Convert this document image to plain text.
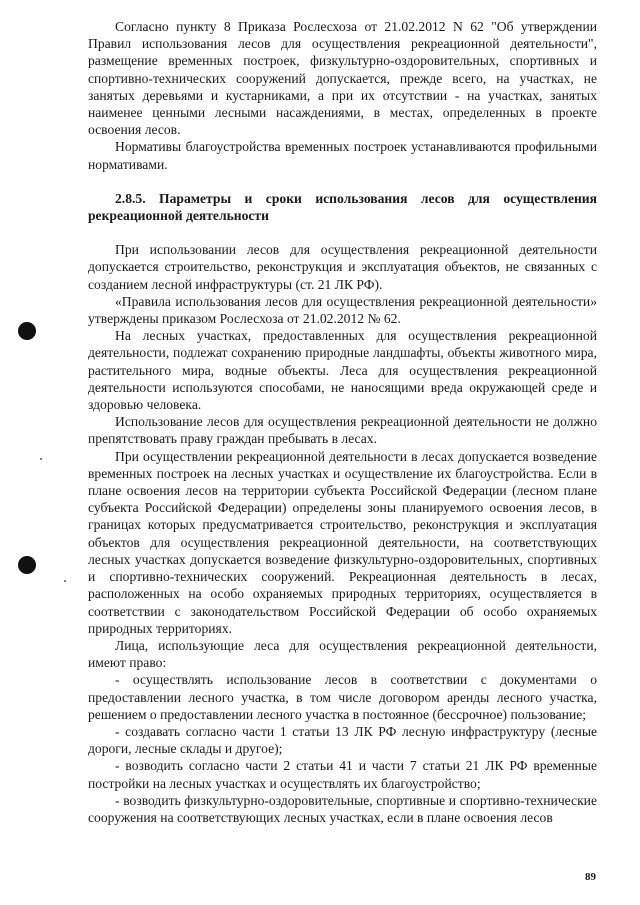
Согласно пункту 8 Приказа Рослесхоза от 21.02.2012 N 62 "Об утверждении Правил использования лесов для осуществления рекреационной деятельности", размещение временных построек, физкультурно-оздоровительных, спортивных и спортивно-технических сооружений допускается, прежде всего, на участках, не занятых деревьями и кустарниками, а при их отсутствии - на участках, занятых наименее ценными лесными насаждениями, в местах, определенных в проекте освоения лесов.

Нормативы благоустройства временных построек устанавливаются профильными нормативами.

2.8.5. Параметры и сроки использования лесов для осуществления рекреационной деятельности

При использовании лесов для осуществления рекреационной деятельности допускается строительство, реконструкция и эксплуатация объектов, не связанных с созданием лесной инфраструктуры (ст. 21 ЛК РФ).

«Правила использования лесов для осуществления рекреационной деятельности» утверждены приказом Рослесхоза от 21.02.2012 № 62.

На лесных участках, предоставленных для осуществления рекреационной деятельности, подлежат сохранению природные ландшафты, объекты животного мира, растительного мира, водные объекты. Леса для осуществления рекреационной деятельности используются способами, не наносящими вреда окружающей среде и здоровью человека.

Использование лесов для осуществления рекреационной деятельности не должно препятствовать праву граждан пребывать в лесах.

При осуществлении рекреационной деятельности в лесах допускается возведение временных построек на лесных участках и осуществление их благоустройства. Если в плане освоения лесов на территории субъекта Российской Федерации (лесном плане субъекта Российской Федерации) определены зоны планируемого освоения лесов, в границах которых предусматривается строительство, реконструкция и эксплуатация объектов для осуществления рекреационной деятельности, на соответствующих лесных участках допускается возведение физкультурно-оздоровительных, спортивных и спортивно-технических сооружений. Рекреационная деятельность в лесах, расположенных на особо охраняемых природных территориях, осуществляется в соответствии с законодательством Российской Федерации об особо охраняемых природных территориях.

Лица, использующие леса для осуществления рекреационной деятельности, имеют право:

- осуществлять использование лесов в соответствии с документами о предоставлении лесного участка, в том числе договором аренды лесного участка, решением о предоставлении лесного участка в постоянное (бессрочное) пользование;

- создавать согласно части 1 статьи 13 ЛК РФ лесную инфраструктуру (лесные дороги, лесные склады и другое);

- возводить согласно части 2 статьи 41 и части 7 статьи 21 ЛК РФ временные постройки на лесных участках и осуществлять их благоустройство;

- возводить физкультурно-оздоровительные, спортивные и спортивно-технические сооружения на соответствующих лесных участках, если в плане освоения лесов

89
